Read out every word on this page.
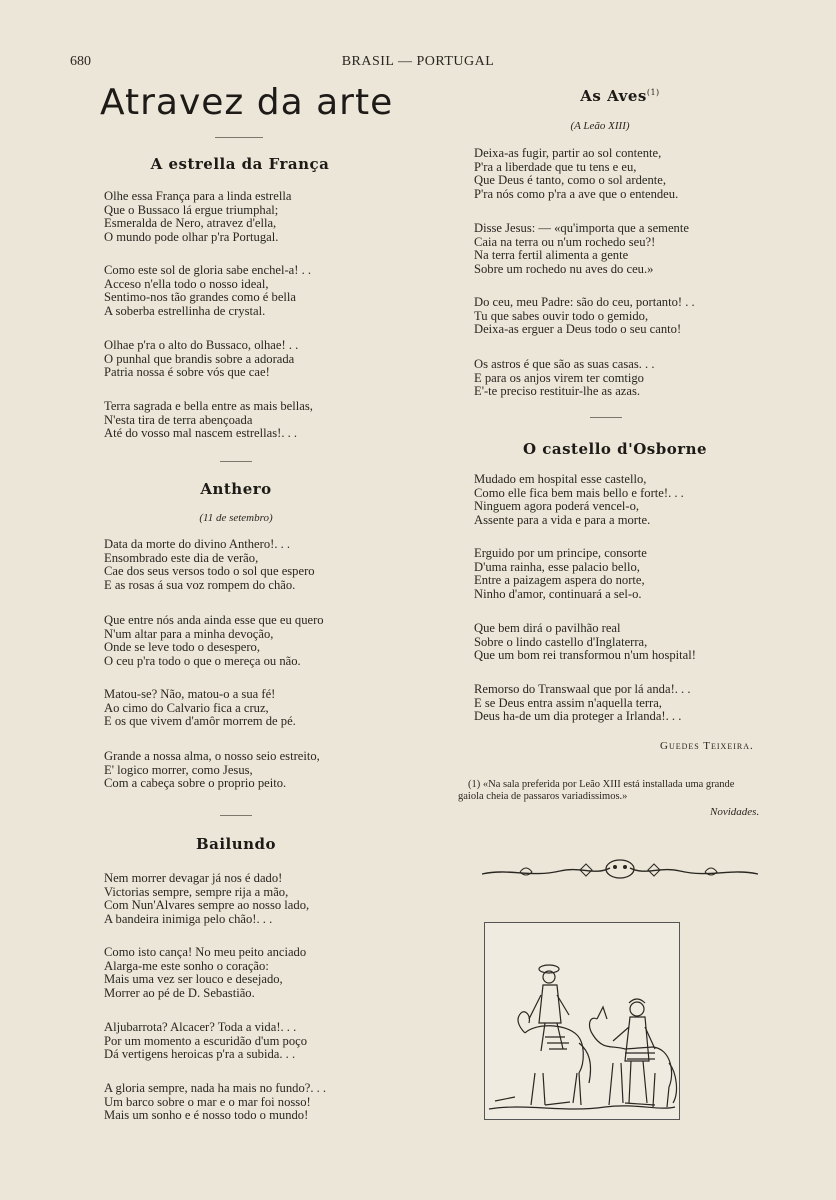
680	BRASIL — PORTUGAL
Atravez da arte
A estrella da França
Olhe essa França para a linda estrella
Que o Bussaco lá ergue triumphal;
Esmeralda de Nero, atravez d'ella,
O mundo pode olhar p'ra Portugal.
Como este sol de gloria sabe enchel-a! . .
Acceso n'ella todo o nosso ideal,
Sentimo-nos tão grandes como é bella
A soberba estrellinha de crystal.
Olhae p'ra o alto do Bussaco, olhae! . .
O punhal que brandis sobre a adorada
Patria nossa é sobre vós que cae!
Terra sagrada e bella entre as mais bellas,
N'esta tira de terra abençoada
Até do vosso mal nascem estrellas!. . .
Anthero
(11 de setembro)
Data da morte do divino Anthero!. . .
Ensombrado este dia de verão,
Cae dos seus versos todo o sol que espero
E as rosas á sua voz rompem do chão.
Que entre nós anda ainda esse que eu quero
N'um altar para a minha devoção,
Onde se leve todo o desespero,
O ceu p'ra todo o que o mereça ou não.
Matou-se? Não, matou-o a sua fé!
Ao cimo do Calvario fica a cruz,
E os que vivem d'amôr morrem de pé.
Grande a nossa alma, o nosso seio estreito,
E' logico morrer, como Jesus,
Com a cabeça sobre o proprio peito.
Bailundo
Nem morrer devagar já nos é dado!
Victorias sempre, sempre rija a mão,
Com Nun'Alvares sempre ao nosso lado,
A bandeira inimiga pelo chão!. . .
Como isto cança! No meu peito anciado
Alarga-me este sonho o coração:
Mais uma vez ser louco e desejado,
Morrer ao pé de D. Sebastião.
Aljubarrota? Alcacer? Toda a vida!. . .
Por um momento a escuridão d'um poço
Dá vertigens heroicas p'ra a subida. . .
A gloria sempre, nada ha mais no fundo?. . .
Um barco sobre o mar e o mar foi nosso!
Mais um sonho e é nosso todo o mundo!
As Aves$^{(1)}$
(A Leão XIII)
Deixa-as fugir, partir ao sol contente,
P'ra a liberdade que tu tens e eu,
Que Deus é tanto, como o sol ardente,
P'ra nós como p'ra a ave que o entendeu.
Disse Jesus: — «qu'importa que a semente
Caia na terra ou n'um rochedo seu?!
Na terra fertil alimenta a gente
Sobre um rochedo nu aves do ceu.»
Do ceu, meu Padre: são do ceu, portanto! . .
Tu que sabes ouvir todo o gemido,
Deixa-as erguer a Deus todo o seu canto!
Os astros é que são as suas casas. . .
E para os anjos virem ter comtigo
E'-te preciso restituir-lhe as azas.
O castello d'Osborne
Mudado em hospital esse castello,
Como elle fica bem mais bello e forte!. . .
Ninguem agora poderá vencel-o,
Assente para a vida e para a morte.
Erguido por um principe, consorte
D'uma rainha, esse palacio bello,
Entre a paizagem aspera do norte,
Ninho d'amor, continuará a sel-o.
Que bem dirá o pavilhão real
Sobre o lindo castello d'Inglaterra,
Que um bom rei transformou n'um hospital!
Remorso do Transwaal que por lá anda!. . .
E se Deus entra assim n'aquella terra,
Deus ha-de um dia proteger a Irlanda!. . .
Guedes Teixeira.
(1) «Na sala preferida por Leão XIII está installada uma grande
gaiola cheia de passaros variadissimos.»
Novidades.
